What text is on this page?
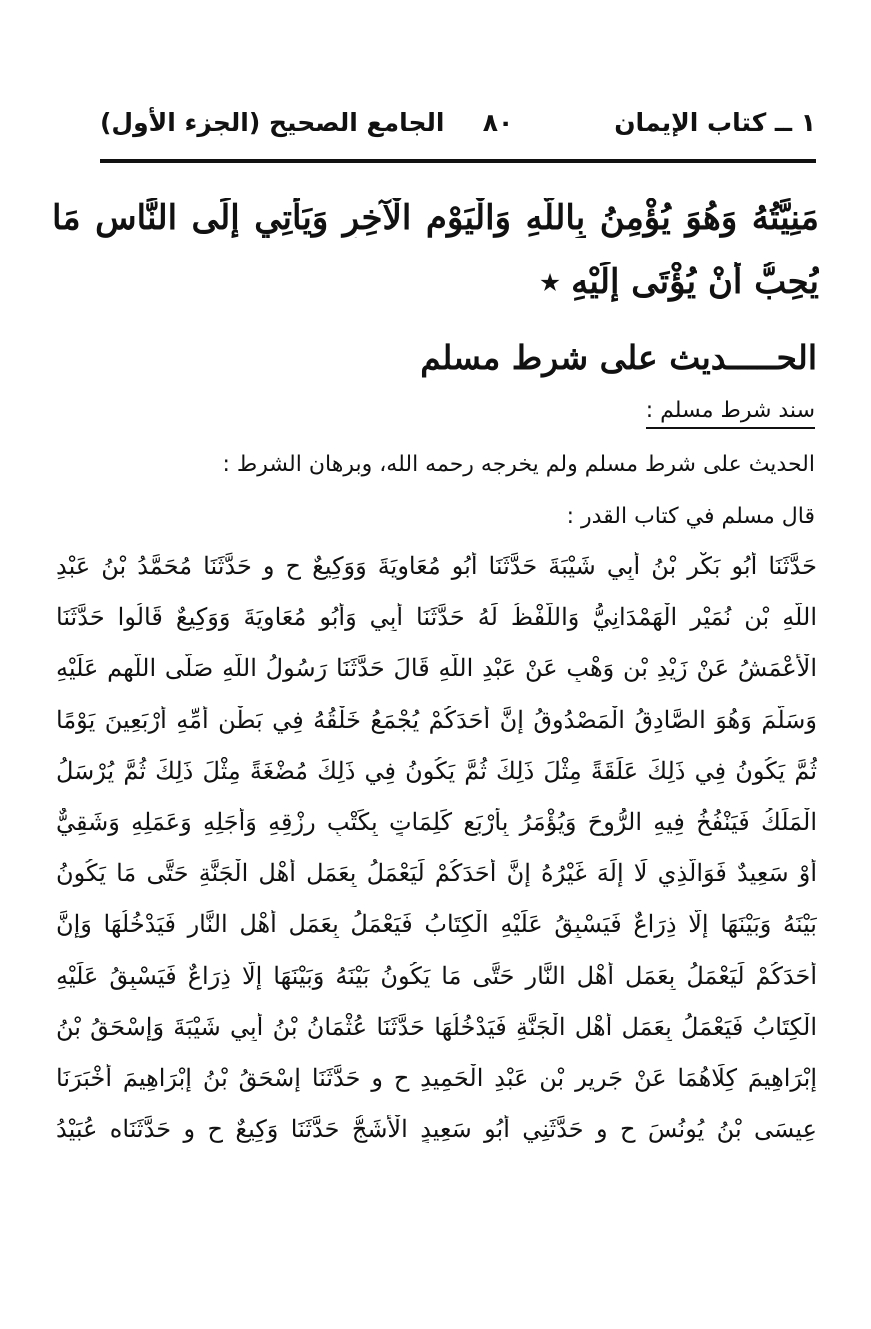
١ ــ كتاب الإيمان
٨٠
الجامع الصحيح (الجزء الأول)
مَنِيَّتُهُ وَهُوَ يُؤْمِنُ بِاللَّهِ وَالْيَوْمِ الْآخِرِ وَيَأْتِي إِلَى النَّاسِ مَا
يُحِبُّ أَنْ يُؤْتَى إِلَيْهِ ٭
الحـــــديث على شرط مسلم
سند شرط مسلم :
الحديث على شرط مسلم ولم يخرجه رحمه الله، وبرهان الشرط :
قال مسلم في كتاب القدر :
حَدَّثَنَا أَبُو بَكْرِ بْنُ أَبِي شَيْبَةَ حَدَّثَنَا أَبُو مُعَاوِيَةَ وَوَكِيعٌ ح و حَدَّثَنَا مُحَمَّدُ بْنُ عَبْدِ
اللَّهِ بْنِ نُمَيْرٍ الْهَمْدَانِيُّ وَاللَّفْظُ لَهُ حَدَّثَنَا أَبِي وَأَبُو مُعَاوِيَةَ وَوَكِيعٌ قَالُوا حَدَّثَنَا
الْأَعْمَشُ عَنْ زَيْدِ بْنِ وَهْبٍ عَنْ عَبْدِ اللَّهِ قَالَ حَدَّثَنَا رَسُولُ اللَّهِ صَلَّى اللَّهم عَلَيْهِ
وَسَلَّمَ وَهُوَ الصَّادِقُ الْمَصْدُوقُ إِنَّ أَحَدَكُمْ يُجْمَعُ خَلْقُهُ فِي بَطْنِ أُمِّهِ أَرْبَعِينَ يَوْمًا
ثُمَّ يَكُونُ فِي ذَلِكَ عَلَقَةً مِثْلَ ذَلِكَ ثُمَّ يَكُونُ فِي ذَلِكَ مُضْغَةً مِثْلَ ذَلِكَ ثُمَّ يُرْسَلُ
الْمَلَكُ فَيَنْفُخُ فِيهِ الرُّوحَ وَيُؤْمَرُ بِأَرْبَعِ كَلِمَاتٍ بِكَتْبِ رِزْقِهِ وَأَجَلِهِ وَعَمَلِهِ وَشَقِيٌّ
أَوْ سَعِيدٌ فَوَالَّذِي لَا إِلَهَ غَيْرُهُ إِنَّ أَحَدَكُمْ لَيَعْمَلُ بِعَمَلِ أَهْلِ الْجَنَّةِ حَتَّى مَا يَكُونُ
بَيْنَهُ وَبَيْنَهَا إِلَّا ذِرَاعٌ فَيَسْبِقُ عَلَيْهِ الْكِتَابُ فَيَعْمَلُ بِعَمَلِ أَهْلِ النَّارِ فَيَدْخُلُهَا وَإِنَّ
أَحَدَكُمْ لَيَعْمَلُ بِعَمَلِ أَهْلِ النَّارِ حَتَّى مَا يَكُونُ بَيْنَهُ وَبَيْنَهَا إِلَّا ذِرَاعٌ فَيَسْبِقُ عَلَيْهِ
الْكِتَابُ فَيَعْمَلُ بِعَمَلِ أَهْلِ الْجَنَّةِ فَيَدْخُلُهَا حَدَّثَنَا عُثْمَانُ بْنُ أَبِي شَيْبَةَ وَإِسْحَقُ بْنُ
إِبْرَاهِيمَ كِلَاهُمَا عَنْ جَرِيرِ بْنِ عَبْدِ الْحَمِيدِ ح و حَدَّثَنَا إِسْحَقُ بْنُ إِبْرَاهِيمَ أَخْبَرَنَا
عِيسَى بْنُ يُونُسَ ح و حَدَّثَنِي أَبُو سَعِيدٍ الْأَشَجُّ حَدَّثَنَا وَكِيعٌ ح و حَدَّثَنَاه عُبَيْدُ
